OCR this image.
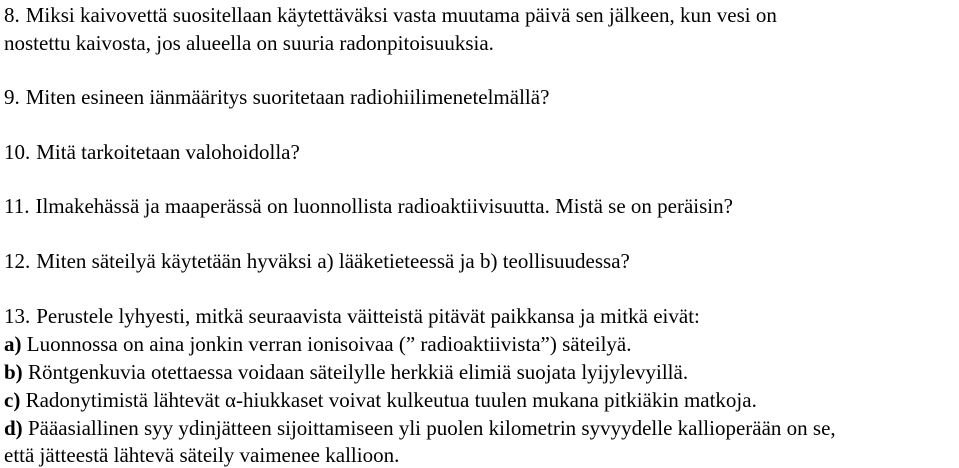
8. Miksi kaivovettä suositellaan käytettäväksi vasta muutama päivä sen jälkeen, kun vesi on
nostettu kaivosta, jos alueella on suuria radonpitoisuuksia.
9. Miten esineen iänmääritys suoritetaan radiohiilimenetelmällä?
10. Mitä tarkoitetaan valohoidolla?
11. Ilmakehässä ja maaperässä on luonnollista radioaktiivisuutta. Mistä se on peräisin?
12. Miten säteilyä käytetään hyväksi a) lääketieteessä ja b) teollisuudessa?
13. Perustele lyhyesti, mitkä seuraavista väitteistä pitävät paikkansa ja mitkä eivät:
a) Luonnossa on aina jonkin verran ionisoivaa (” radioaktiivista”) säteilyä.
b) Röntgenkuvia otettaessa voidaan säteilylle herkkiä elimiä suojata lyijylevyillä.
c) Radonytimistä lähtevät α-hiukkaset voivat kulkeutua tuulen mukana pitkiäkin matkoja.
d) Pääasiallinen syy ydinjätteen sijoittamiseen yli puolen kilometrin syvyydelle kallioperään on se,
että jätteestä lähtevä säteily vaimenee kallioon.
